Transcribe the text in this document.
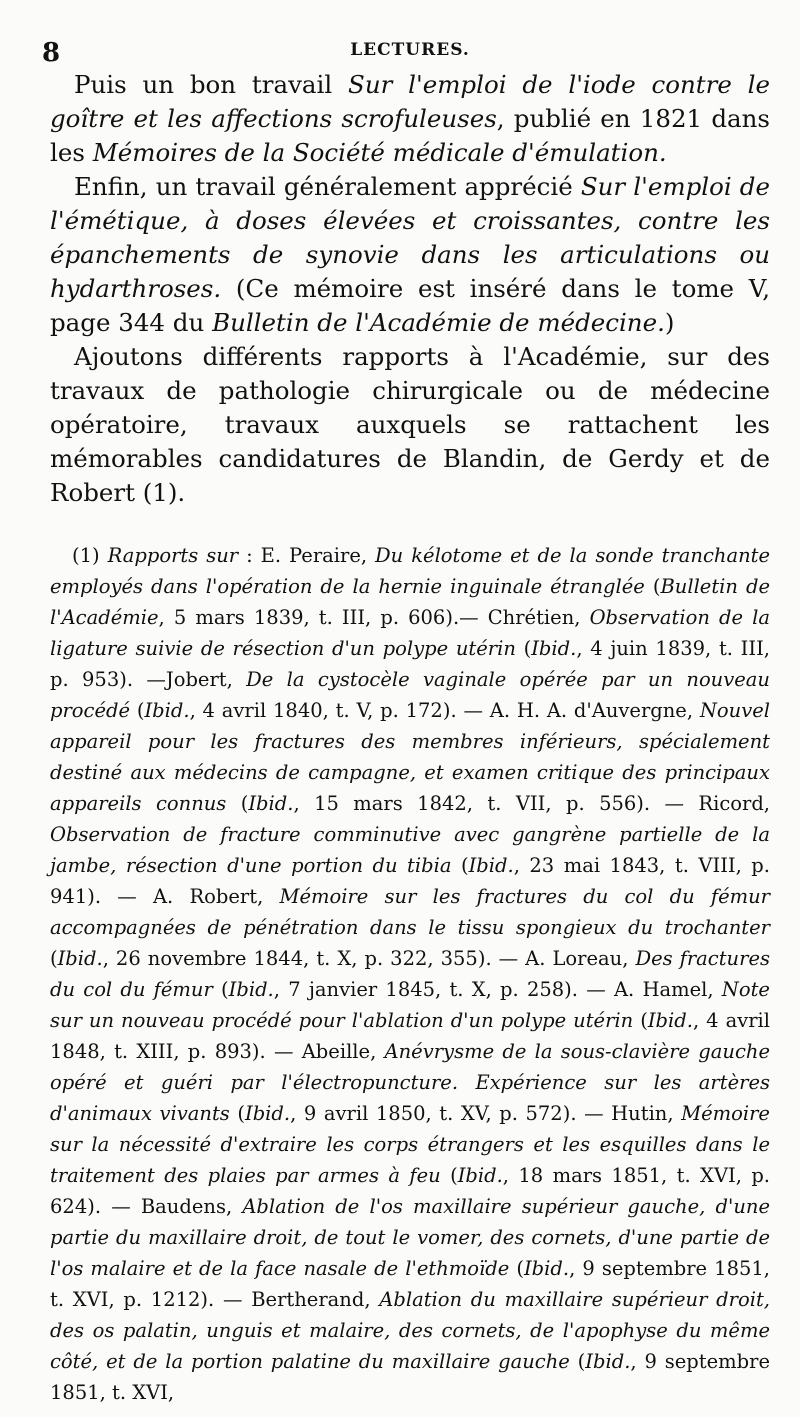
8	LECTURES.

Puis un bon travail Sur l'emploi de l'iode contre le goître et les affections scrofuleuses, publié en 1821 dans les Mémoires de la Société médicale d'émulation.

Enfin, un travail généralement apprécié Sur l'emploi de l'émétique, à doses élevées et croissantes, contre les épanchements de synovie dans les articulations ou hydarthroses. (Ce mémoire est inséré dans le tome V, page 344 du Bulletin de l'Académie de médecine.)

Ajoutons différents rapports à l'Académie, sur des travaux de pathologie chirurgicale ou de médecine opératoire, travaux auxquels se rattachent les mémorables candidatures de Blandin, de Gerdy et de Robert (1).

(1) Rapports sur : E. Peraire, Du kélotome et de la sonde tranchante employés dans l'opération de la hernie inguinale étranglée (Bulletin de l'Académie, 5 mars 1839, t. III, p. 606).— Chrétien, Observation de la ligature suivie de résection d'un polype utérin (Ibid., 4 juin 1839, t. III, p. 953). —Jobert, De la cystocèle vaginale opérée par un nouveau procédé (Ibid., 4 avril 1840, t. V, p. 172). — A. H. A. d'Auvergne, Nouvel appareil pour les fractures des membres inférieurs, spécialement destiné aux médecins de campagne, et examen critique des principaux appareils connus (Ibid., 15 mars 1842, t. VII, p. 556). — Ricord, Observation de fracture comminutive avec gangrène partielle de la jambe, résection d'une portion du tibia (Ibid., 23 mai 1843, t. VIII, p. 941). — A. Robert, Mémoire sur les fractures du col du fémur accompagnées de pénétration dans le tissu spongieux du trochanter (Ibid., 26 novembre 1844, t. X, p. 322, 355). — A. Loreau, Des fractures du col du fémur (Ibid., 7 janvier 1845, t. X, p. 258). — A. Hamel, Note sur un nouveau procédé pour l'ablation d'un polype utérin (Ibid., 4 avril 1848, t. XIII, p. 893). — Abeille, Anévrysme de la sous-clavière gauche opéré et guéri par l'électropuncture. Expérience sur les artères d'animaux vivants (Ibid., 9 avril 1850, t. XV, p. 572). — Hutin, Mémoire sur la nécessité d'extraire les corps étrangers et les esquilles dans le traitement des plaies par armes à feu (Ibid., 18 mars 1851, t. XVI, p. 624). — Baudens, Ablation de l'os maxillaire supérieur gauche, d'une partie du maxillaire droit, de tout le vomer, des cornets, d'une partie de l'os malaire et de la face nasale de l'ethmoïde (Ibid., 9 septembre 1851, t. XVI, p. 1212). — Bertherand, Ablation du maxillaire supérieur droit, des os palatin, unguis et malaire, des cornets, de l'apophyse du même côté, et de la portion palatine du maxillaire gauche (Ibid., 9 septembre 1851, t. XVI,
